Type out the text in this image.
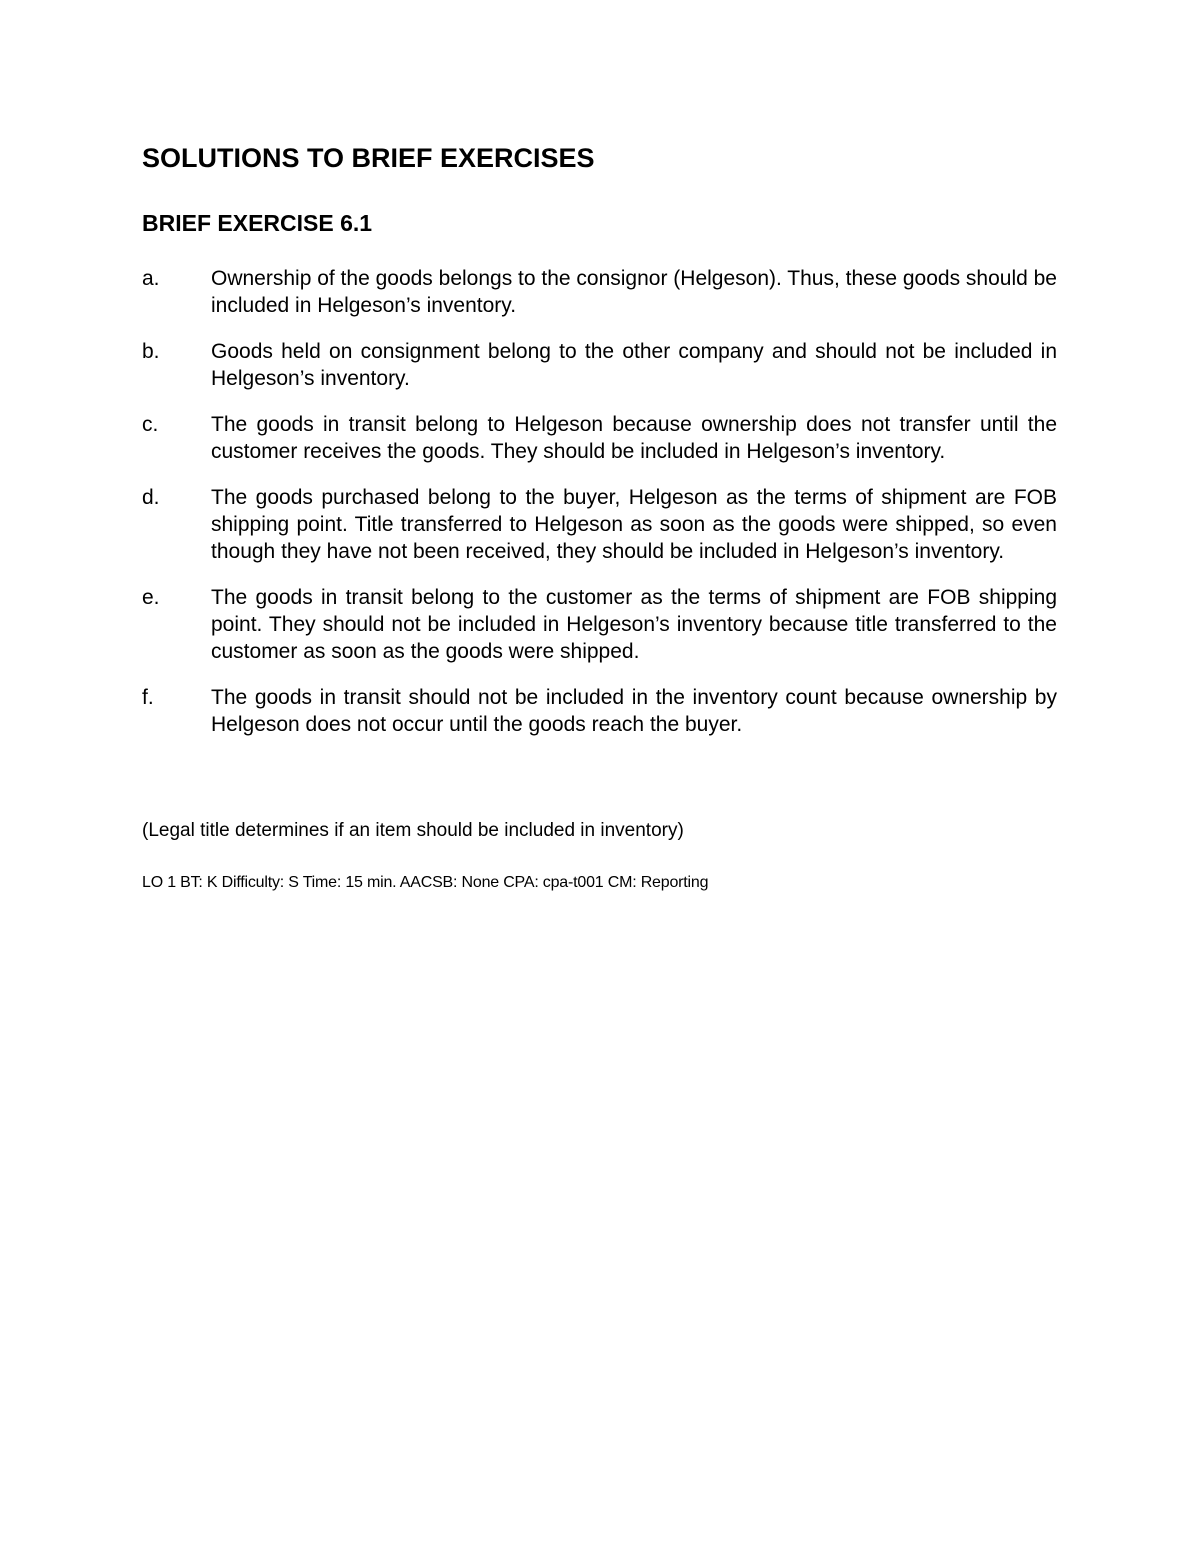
SOLUTIONS TO BRIEF EXERCISES
BRIEF EXERCISE 6.1
a. Ownership of the goods belongs to the consignor (Helgeson). Thus, these goods should be included in Helgeson’s inventory.
b. Goods held on consignment belong to the other company and should not be included in Helgeson’s inventory.
c.	The goods in transit belong to Helgeson because ownership does not transfer until the customer receives the goods. They should be included in Helgeson’s inventory.
d. The goods purchased belong to the buyer, Helgeson as the terms of shipment are FOB shipping point. Title transferred to Helgeson as soon as the goods were shipped, so even though they have not been received, they should be included in Helgeson’s inventory.
e. The goods in transit belong to the customer as the terms of shipment are FOB shipping point. They should not be included in Helgeson’s inventory because title transferred to the customer as soon as the goods were shipped.
f.	The goods in transit should not be included in the inventory count because ownership by Helgeson does not occur until the goods reach the buyer.

(Legal title determines if an item should be included in inventory)

LO 1 BT: K Difficulty: S Time: 15 min. AACSB: None CPA: cpa-t001 CM: Reporting
